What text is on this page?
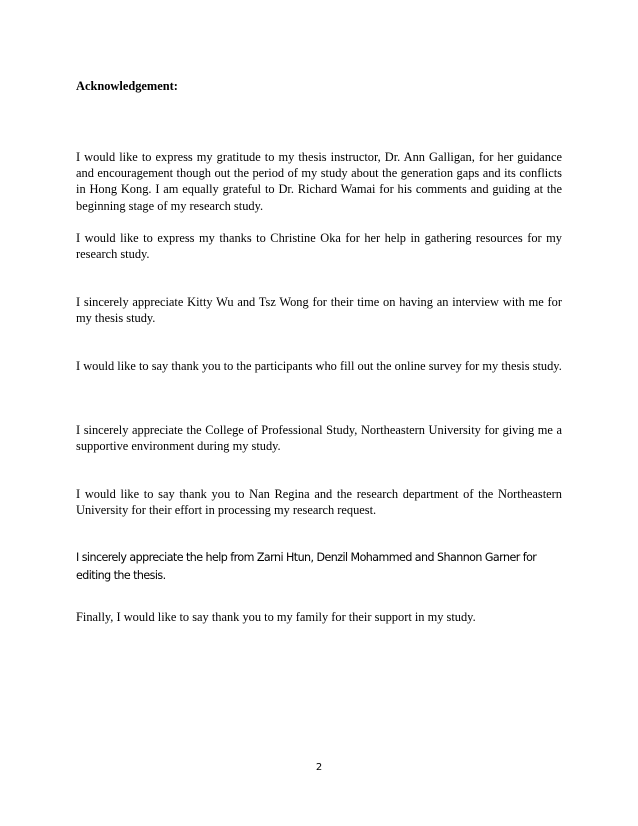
Acknowledgement:
I would like to express my gratitude to my thesis instructor, Dr. Ann Galligan, for her guidance and encouragement though out the period of my study about the generation gaps and its conflicts in Hong Kong. I am equally grateful to Dr. Richard Wamai for his comments and guiding at the beginning stage of my research study.
I would like to express my thanks to Christine Oka for her help in gathering resources for my research study.
I sincerely appreciate Kitty Wu and Tsz Wong for their time on having an interview with me for my thesis study.
I would like to say thank you to the participants who fill out the online survey for my thesis study.
I sincerely appreciate the College of Professional Study, Northeastern University for giving me a supportive environment during my study.
I would like to say thank you to Nan Regina and the research department of the Northeastern University for their effort in processing my research request.
I sincerely appreciate the help from Zarni Htun, Denzil Mohammed and Shannon Garner for editing the thesis.
Finally, I would like to say thank you to my family for their support in my study.
2
